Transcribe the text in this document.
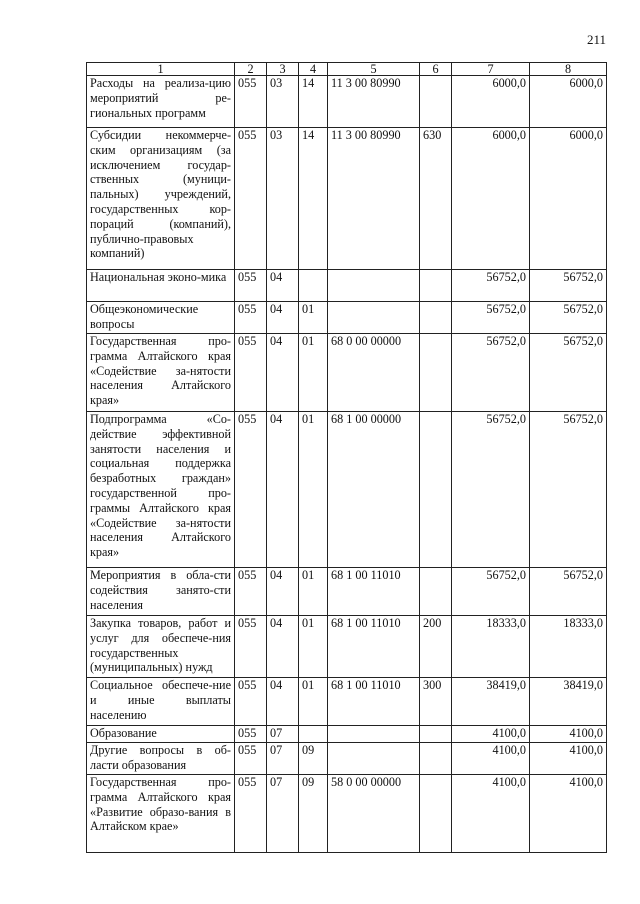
211
1	2	3	4	5	6	7	8
Расходы на реализа-цию мероприятий ре-гиональных программ	055	03	14	11 3 00 80990		6000,0	6000,0
Субсидии некоммерче-ским организациям (за исключением государ-ственных (муници-пальных) учреждений, государственных кор-пораций (компаний), публично-правовых компаний)	055	03	14	11 3 00 80990	630	6000,0	6000,0
Национальная эконо-мика	055	04				56752,0	56752,0
Общеэкономические вопросы	055	04	01			56752,0	56752,0
Государственная про-грамма Алтайского края «Содействие за-нятости населения Алтайского края»	055	04	01	68 0 00 00000		56752,0	56752,0
Подпрограмма «Со-действие эффективной занятости населения и социальная поддержка безработных граждан» государственной про-граммы Алтайского края «Содействие за-нятости населения Алтайского края»	055	04	01	68 1 00 00000		56752,0	56752,0
Мероприятия в обла-сти содействия занято-сти населения	055	04	01	68 1 00 11010		56752,0	56752,0
Закупка товаров, работ и услуг для обеспече-ния государственных (муниципальных) нужд	055	04	01	68 1 00 11010	200	18333,0	18333,0
Социальное обеспече-ние и иные выплаты населению	055	04	01	68 1 00 11010	300	38419,0	38419,0
Образование	055	07				4100,0	4100,0
Другие вопросы в об-ласти образования	055	07	09			4100,0	4100,0
Государственная про-грамма Алтайского края «Развитие образо-вания в Алтайском крае»	055	07	09	58 0 00 00000		4100,0	4100,0
